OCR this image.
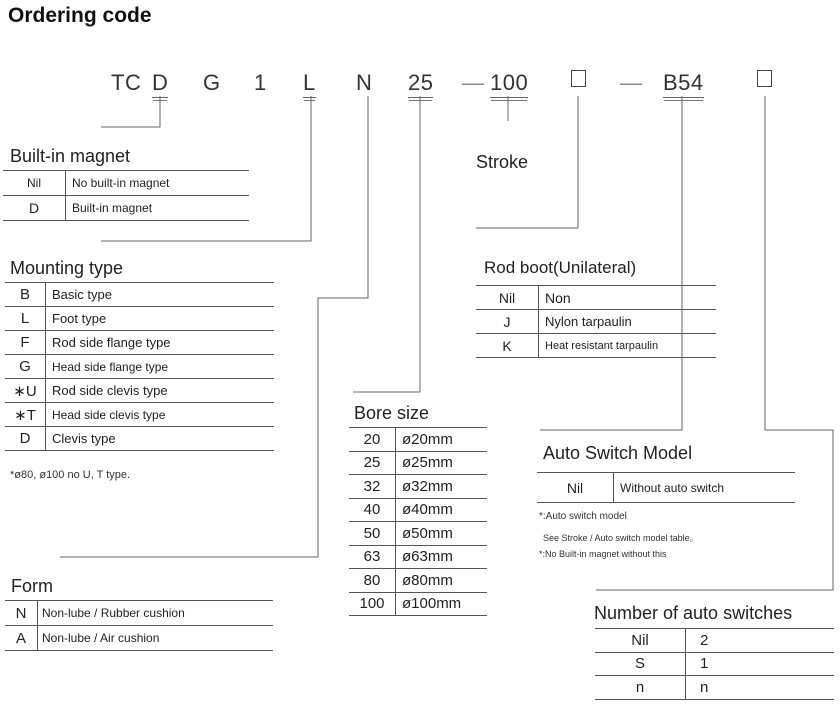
Ordering code
TC D G 1 L N 25 — 100	— B54
Stroke
Built-in magnet
Nil	No built-in magnet
D	Built-in magnet
Mounting type
B	Basic type
L	Foot type
F	Rod side flange type
G	Head side flange type
∗U	Rod side clevis type
∗T	Head side clevis type
D	Clevis type
*ø80, ø100 no U, T type.
Form
N	Non-lube / Rubber cushion
A	Non-lube / Air cushion
Bore size
20	ø20mm
25	ø25mm
32	ø32mm
40	ø40mm
50	ø50mm
63	ø63mm
80	ø80mm
100	ø100mm
Rod boot(Unilateral)
Nil	Non
J	Nylon tarpaulin
K	Heat resistant tarpaulin
Auto Switch Model
Nil	Without auto switch
*:Auto switch model
See Stroke / Auto switch model table。
*:No Built-in magnet without this
Number of auto switches
Nil	2
S	1
n	n
